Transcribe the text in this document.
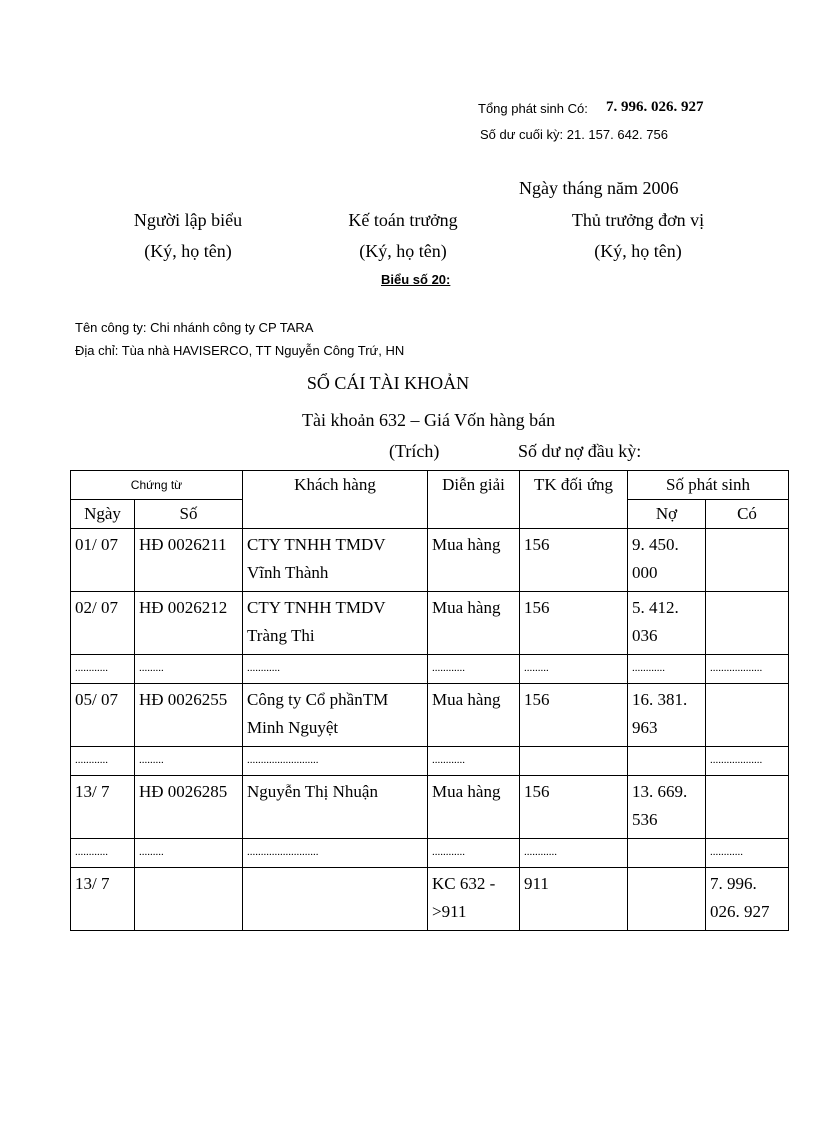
Tổng phát sinh Có: 7. 996. 026. 927
Số dư cuối kỳ: 21. 157. 642. 756
Ngày tháng năm 2006
Người lập biểu
(Ký, họ tên)
Kế toán trưởng
(Ký, họ tên)
Thủ trưởng đơn vị
(Ký, họ tên)
Biểu số 20:
Tên công ty: Chi nhánh công ty CP TARA
Địa chỉ: Tùa nhà HAVISERCO, TT Nguyễn Công Trứ, HN
SỔ CÁI TÀI KHOẢN
Tài khoản 632 – Giá Vốn hàng bán
(Trích)	Số dư nợ đầu kỳ:
Chứng từ		Khách hàng	Diễn giải	TK đối ứng	Số phát sinh	
Ngày	Số				Nợ	Có
01/ 07	HĐ 0026211	CTY TNHH TMDV Vĩnh Thành	Mua hàng	156	9. 450. 000	
02/ 07	HĐ 0026212	CTY TNHH TMDV Tràng Thi	Mua hàng	156	5. 412. 036	
............	.........	............	............	.........	............	...................
05/ 07	HĐ 0026255	Công ty Cổ phầnTM Minh Nguyệt	Mua hàng	156	16. 381. 963	
............	.........	..........................	............			...................
13/ 7	HĐ 0026285	Nguyễn Thị Nhuận	Mua hàng	156	13. 669. 536	
............	.........	..........................	............	............		............
13/ 7			KC 632 - >911	911		7. 996. 026. 927
